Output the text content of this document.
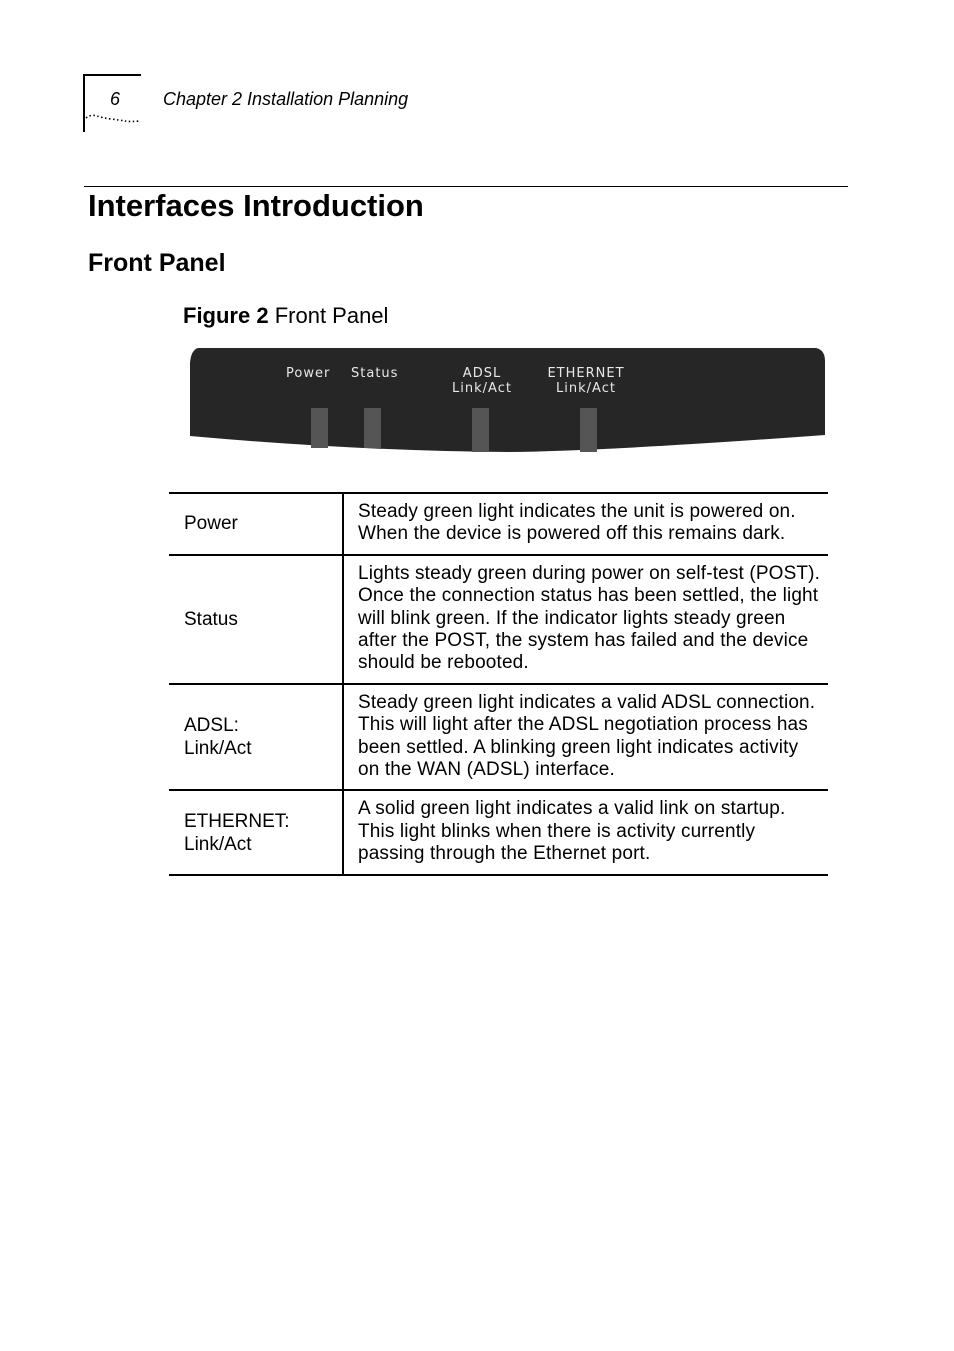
6 Chapter 2 Installation Planning
Interfaces Introduction
Front Panel
Figure 2 Front Panel
Power Status	ADSL
Link/Act
ETHERNET
Link/Act
Power	Steady green light indicates the unit is powered on. When the device is powered off this remains dark.

Status	Lights steady green during power on self-test (POST). Once the connection status has been settled, the light will blink green. If the indicator lights steady green after the POST, the system has failed and the device should be rebooted.

ADSL:
Link/Act	Steady green light indicates a valid ADSL connection. This will light after the ADSL negotiation process has been settled. A blinking green light indicates activity on the WAN (ADSL) interface.

ETHERNET:
Link/Act	A solid green light indicates a valid link on startup. This light blinks when there is activity currently passing through the Ethernet port.
